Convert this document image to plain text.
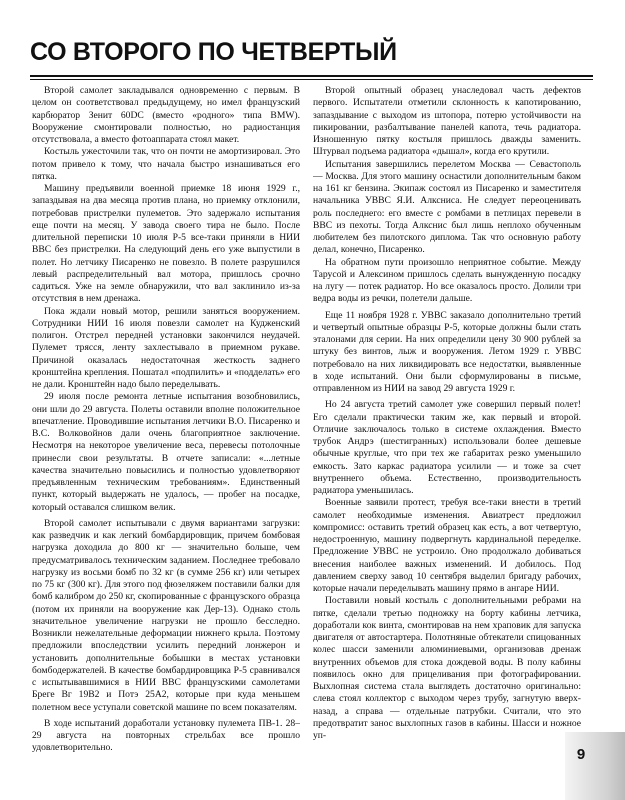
СО ВТОРОГО ПО ЧЕТВЕРТЫЙ

Второй самолет закладывался одновременно с первым. В целом он соответствовал предыдущему, но имел французский карбюратор Зенит 60DC (вместо «родного» типа BMW). Вооружение смонтировали полностью, но радиостанция отсутствовала, а вместо фотоаппарата стоял макет.

Костыль ужесточили так, что он почти не амортизировал. Это потом привело к тому, что начала быстро изнашиваться его пятка.

Машину предъявили военной приемке 18 июня 1929 г., запаздывая на два месяца против плана, но приемку отклонили, потребовав пристрелки пулеметов. Это задержало испытания еще почти на месяц. У завода своего тира не было. После длительной переписки 10 июля Р-5 все-таки приняли в НИИ ВВС без пристрелки. На следующий день его уже выпустили в полет. Но летчику Писаренко не повезло. В полете разрушился левый распределительный вал мотора, пришлось срочно садиться. Уже на земле обнаружили, что вал заклинило из-за отсутствия в нем дренажа.

Пока ждали новый мотор, решили заняться вооружением. Сотрудники НИИ 16 июля повезли самолет на Кудженский полигон. Отстрел передней установки закончился неудачей. Пулемет трясся, ленту захлестывало в приемном рукаве. Причиной оказалась недостаточная жесткость заднего кронштейна крепления. Пошатал «подпилить» и «подделать» его не дали. Кронштейн надо было переделывать.

29 июля после ремонта летные испытания возобновились, они шли до 29 августа. Полеты оставили вполне положительное впечатление. Проводившие испытания летчики В.О. Писаренко и В.С. Волковойнов дали очень благоприятное заключение. Несмотря на некоторое увеличение веса, перевесы потолочные принесли свои результаты. В отчете записали: «...летные качества значительно повысились и полностью удовлетворяют предъявленным техническим требованиям». Единственный пункт, который выдержать не удалось, — пробег на посадке, который оставался слишком велик.

Второй самолет испытывали с двумя вариантами загрузки: как разведчик и как легкий бомбардировщик, причем бомбовая нагрузка доходила до 800 кг — значительно больше, чем предусматривалось техническим заданием. Последнее требовало нагрузку из восьми бомб по 32 кг (в сумме 256 кг) или четырех по 75 кг (300 кг). Для этого под фюзеляжем поставили балки для бомб калибром до 250 кг, скопированные с французского образца (потом их приняли на вооружение как Дер-13). Однако столь значительное увеличение нагрузки не прошло бесследно. Возникли нежелательные деформации нижнего крыла. Поэтому предложили впоследствии усилить передний лонжерон и установить дополнительные бобышки в местах установки бомбодержателей. В качестве бомбардировщика Р-5 сравнивался с испытывавшимися в НИИ ВВС французскими самолетами Бреге Вг 19В2 и Потэ 25А2, которые при куда меньшем полетном весе уступали советской машине по всем показателям.

В ходе испытаний доработали установку пулемета ПВ-1. 28–29 августа на повторных стрельбах все прошло удовлетворительно.

Второй опытный образец унаследовал часть дефектов первого. Испытатели отметили склонность к капотированию, запаздывание с выходом из штопора, потерю устойчивости на пикировании, разбалтывание панелей капота, течь радиатора. Изношенную пятку костыля пришлось дважды заменить. Штурвал подъема радиатора «дышал», когда его крутили.

Испытания завершились перелетом Москва — Севастополь — Москва. Для этого машину оснастили дополнительным баком на 161 кг бензина. Экипаж состоял из Писаренко и заместителя начальника УВВС Я.И. Алксниса. Не следует переоценивать роль последнего: его вместе с ромбами в петлицах перевели в ВВС из пехоты. Тогда Алкснис был лишь неплохо обученным любителем без пилотского диплома. Так что основную работу делал, конечно, Писаренко.

На обратном пути произошло неприятное событие. Между Тарусой и Алексином пришлось сделать вынужденную посадку на лугу — потек радиатор. Но все оказалось просто. Долили три ведра воды из речки, полетели дальше.

Еще 11 ноября 1928 г. УВВС заказало дополнительно третий и четвертый опытные образцы Р-5, которые должны были стать эталонами для серии. На них определили цену 30 900 рублей за штуку без винтов, лыж и вооружения. Летом 1929 г. УВВС потребовало на них ликвидировать все недостатки, выявленные в ходе испытаний. Они были сформулированы в письме, отправленном из НИИ на завод 29 августа 1929 г.

Но 24 августа третий самолет уже совершил первый полет! Его сделали практически таким же, как первый и второй. Отличие заключалось только в системе охлаждения. Вместо трубок Андрэ (шестигранных) использовали более дешевые обычные круглые, что при тех же габаритах резко уменьшило емкость. Зато каркас радиатора усилили — и тоже за счет внутреннего объема. Естественно, производительность радиатора уменьшилась.

Военные заявили протест, требуя все-таки внести в третий самолет необходимые изменения. Авиатрест предложил компромисс: оставить третий образец как есть, а вот четвертую, недостроенную, машину подвергнуть кардинальной переделке. Предложение УВВС не устроило. Оно продолжало добиваться внесения наиболее важных изменений. И добилось. Под давлением сверху завод 10 сентября выделил бригаду рабочих, которые начали переделывать машину прямо в ангаре НИИ.

Поставили новый костыль с дополнительными ребрами на пятке, сделали третью подножку на борту кабины летчика, доработали кок винта, смонтировав на нем храповик для запуска двигателя от автостартера. Полотняные обтекатели спицованных колес шасси заменили алюминиевыми, организовав дренаж внутренних объемов для стока дождевой воды. В полу кабины появилось окно для прицеливания при фотографировании. Выхлопная система стала выглядеть достаточно оригинально: слева стоял коллектор с выходом через трубу, загнутую вверх-назад, а справа — отдельные патрубки. Считали, что это предотвратит занос выхлопных газов в кабины. Шасси и ножное уп-

9
